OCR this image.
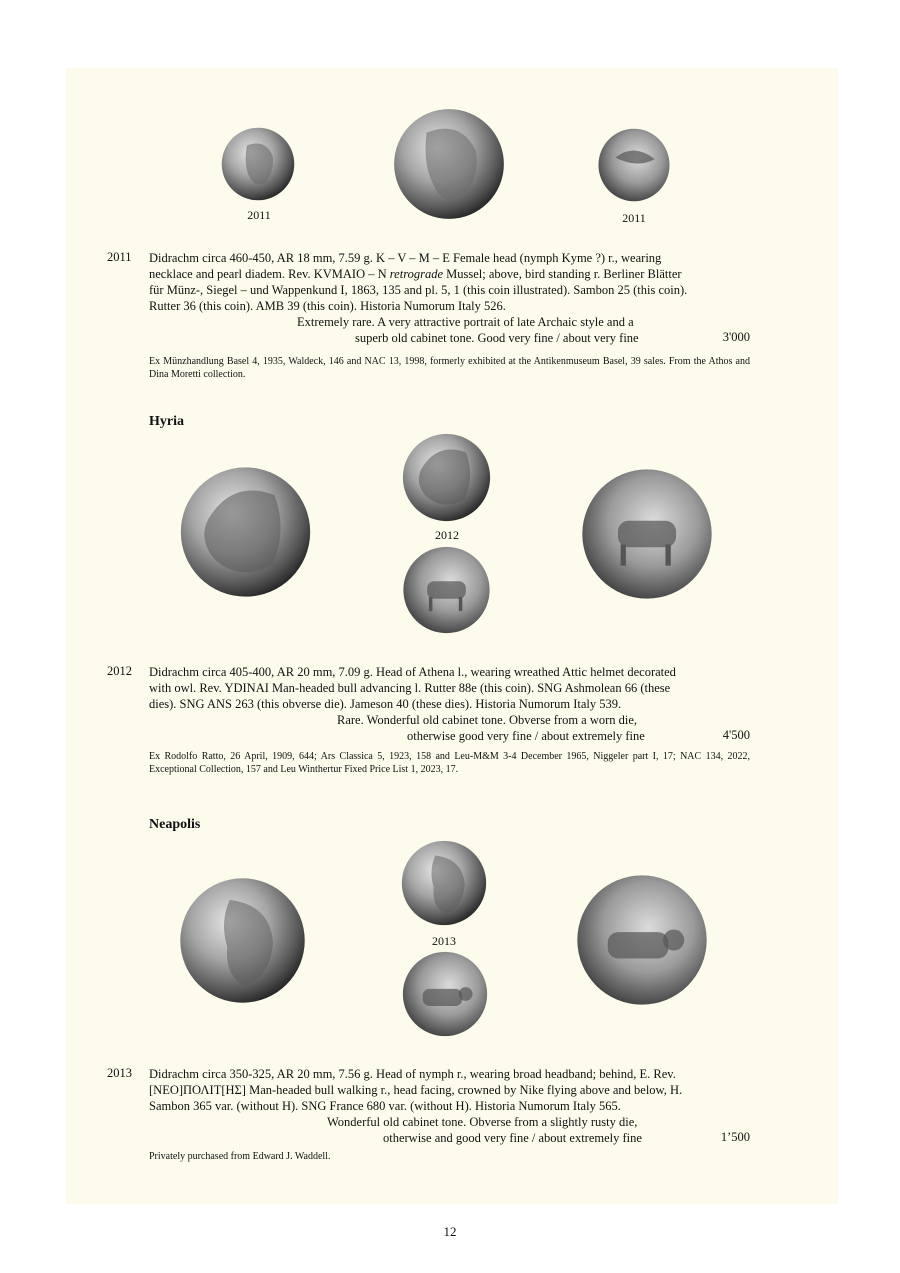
2011	2011
2011 Didrachm circa 460-450, AR 18 mm, 7.59 g. K – V – M – E Female head (nymph Kyme ?) r., wearing

necklace and pearl diadem. Rev. KVMAIO – N retrograde Mussel; above, bird standing r. Berliner Blätter

für Münz-, Siegel – und Wappenkund I, 1863, 135 and pl. 5, 1 (this coin illustrated). Sambon 25 (this coin).

Rutter 36 (this coin). AMB 39 (this coin). Historia Numorum Italy 526.

Extremely rare. A very attractive portrait of late Archaic style and a
superb old cabinet tone. Good very fine / about very fine	3'000
Ex Münzhandlung Basel 4, 1935, Waldeck, 146 and NAC 13, 1998, formerly exhibited at the Antikenmuseum Basel, 39 sales. From the Athos and Dina Moretti collection.
Hyria
2012
2012 Didrachm circa 405-400, AR 20 mm, 7.09 g. Head of Athena l., wearing wreathed Attic helmet decorated

with owl. Rev. YDINAI Man-headed bull advancing l. Rutter 88e (this coin). SNG Ashmolean 66 (these

dies). SNG ANS 263 (this obverse die). Jameson 40 (these dies). Historia Numorum Italy 539.

Rare. Wonderful old cabinet tone. Obverse from a worn die,
otherwise good very fine / about extremely fine	4'500
Ex Rodolfo Ratto, 26 April, 1909, 644; Ars Classica 5, 1923, 158 and Leu-M&M 3-4 December 1965, Niggeler part I, 17; NAC 134, 2022, Exceptional Collection, 157 and Leu Winthertur Fixed Price List 1, 2023, 17.
Neapolis
2013
2013 Didrachm circa 350-325, AR 20 mm, 7.56 g. Head of nymph r., wearing broad headband; behind, E. Rev.

[ΝΕΟ]ΠΟΛΙΤ[ΗΣ] Man-headed bull walking r., head facing, crowned by Nike flying above and below, H.

Sambon 365 var. (without H). SNG France 680 var. (without H). Historia Numorum Italy 565.

Wonderful old cabinet tone. Obverse from a slightly rusty die,
otherwise and good very fine / about extremely fine	1’500
Privately purchased from Edward J. Waddell.
12
